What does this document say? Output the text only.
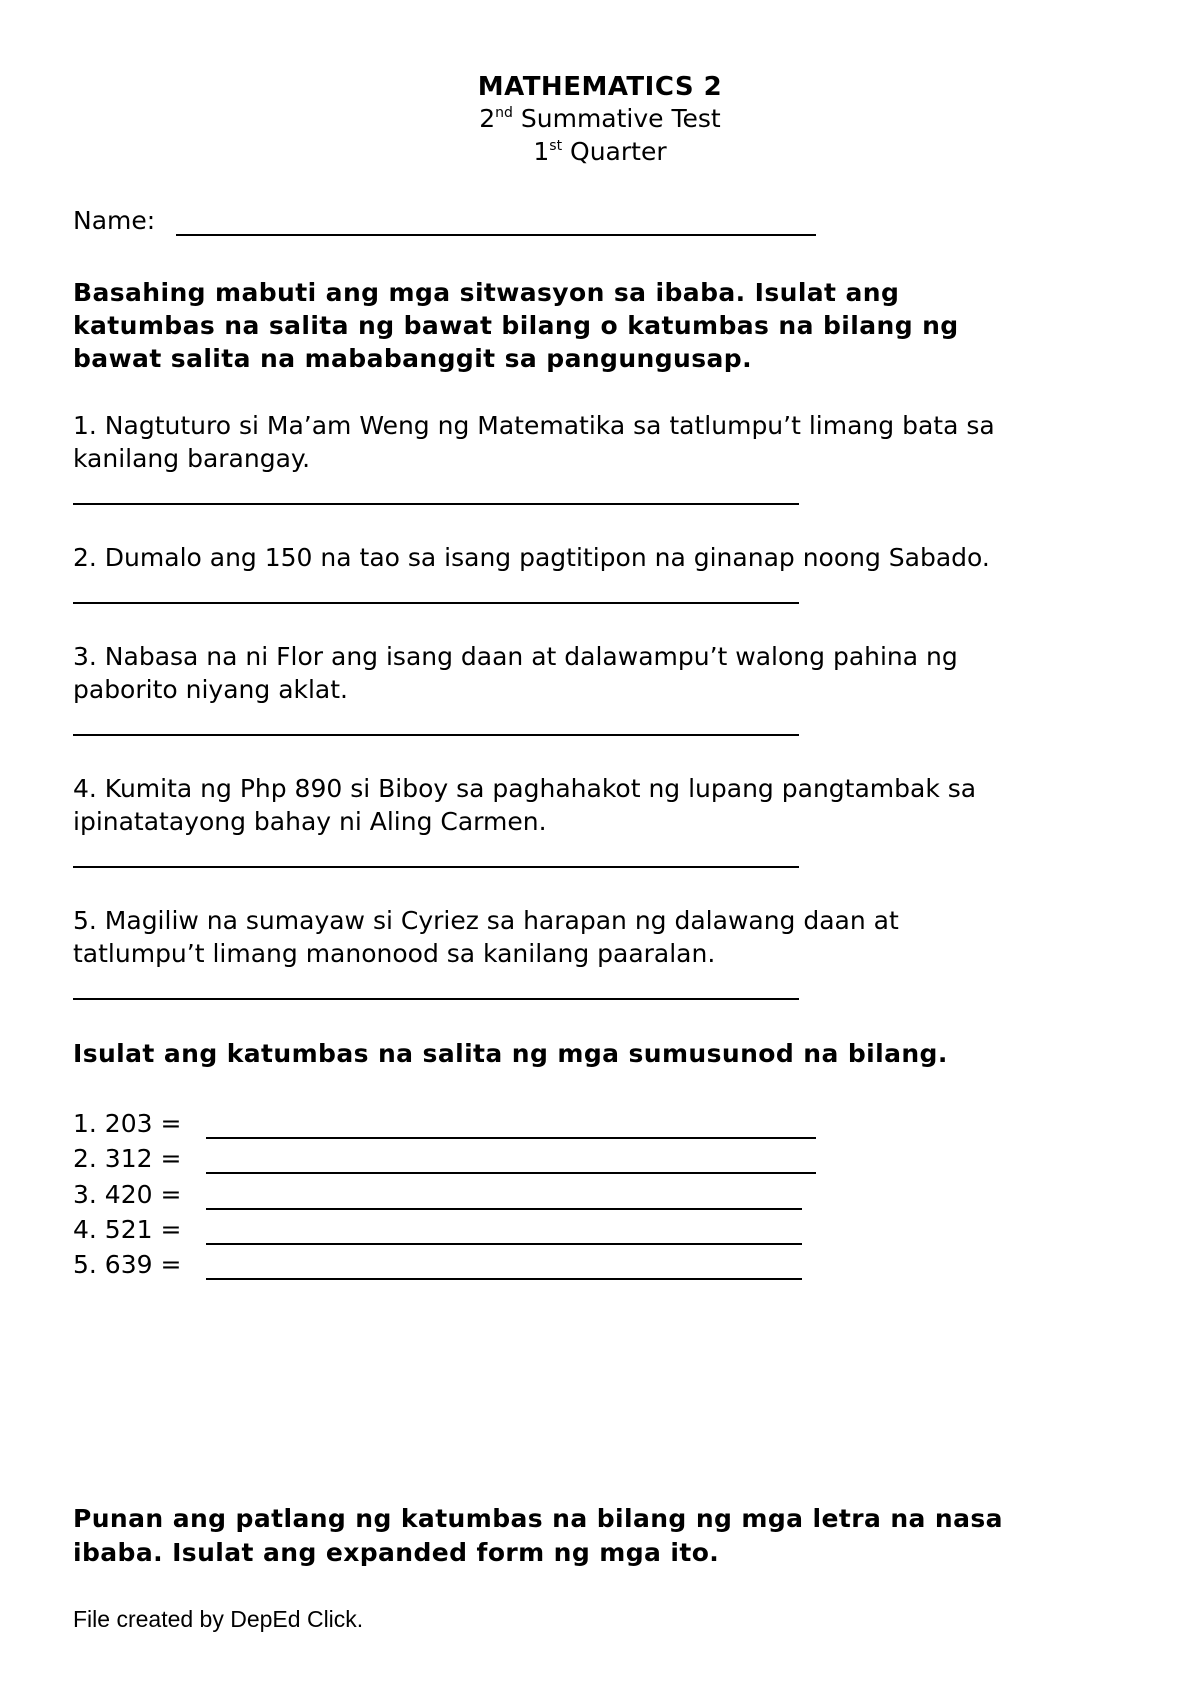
MATHEMATICS 2
2nd Summative Test
1st Quarter
Name:
Basahing mabuti ang mga sitwasyon sa ibaba. Isulat ang
katumbas na salita ng bawat bilang o katumbas na bilang ng
bawat salita na mababanggit sa pangungusap.
1. Nagtuturo si Ma’am Weng ng Matematika sa tatlumpu’t limang bata sa
kanilang barangay.
2. Dumalo ang 150 na tao sa isang pagtitipon na ginanap noong Sabado.
3. Nabasa na ni Flor ang isang daan at dalawampu’t walong pahina ng
paborito niyang aklat.
4. Kumita ng Php 890 si Biboy sa paghahakot ng lupang pangtambak sa
ipinatatayong bahay ni Aling Carmen.
5. Magiliw na sumayaw si Cyriez sa harapan ng dalawang daan at
tatlumpu’t limang manonood sa kanilang paaralan.
Isulat ang katumbas na salita ng mga sumusunod na bilang.
1. 203 =
2. 312 =
3. 420 =
4. 521 =
5. 639 =
Punan ang patlang ng katumbas na bilang ng mga letra na nasa
ibaba. Isulat ang expanded form ng mga ito.
File created by DepEd Click.
